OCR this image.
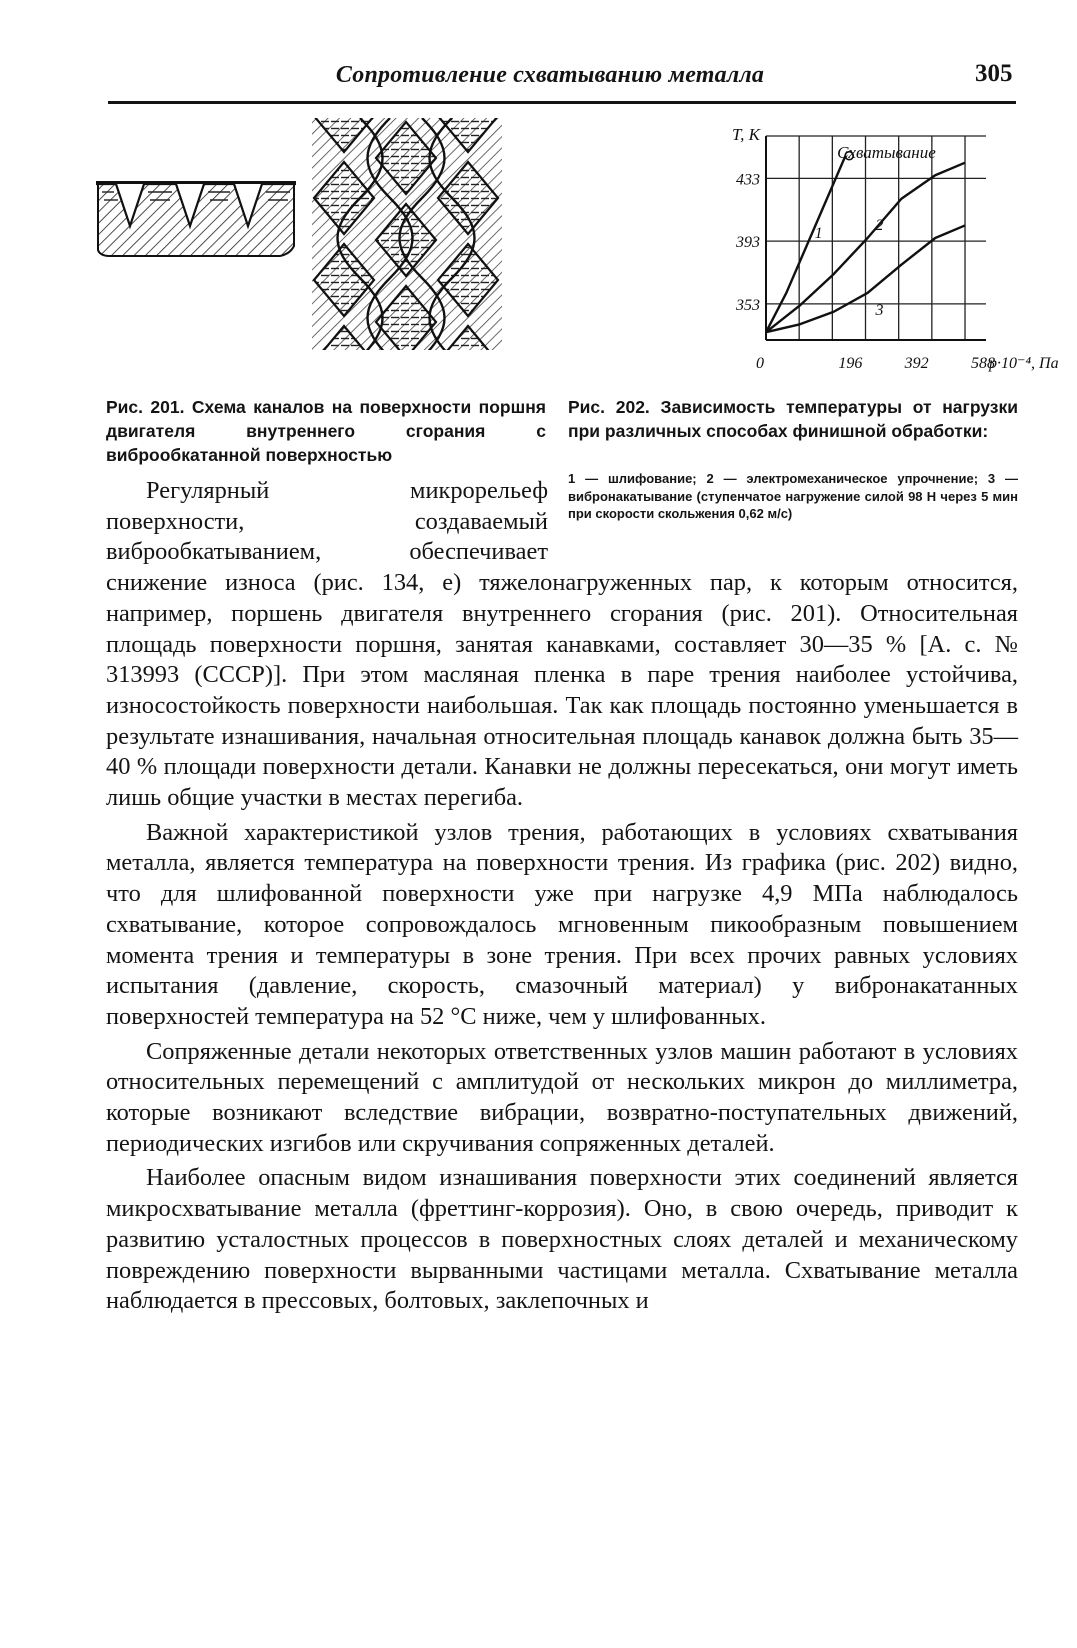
Сопротивление схватыванию металла	305
1	2
3
433
393
353
0	196	392	588
p·10⁻⁴, Па
T, K
Схватывание
Рис. 201. Схема каналов на поверхности поршня двигателя внутреннего сгорания с виброобкатанной поверхностью
Рис. 202. Зависимость температуры от нагрузки при различных способах финишной обработки:
1 — шлифование; 2 — электромеханическое упрочнение; 3 — вибронакатывание (ступенчатое нагружение силой 98 Н через 5 мин при скорости скольжения 0,62 м/с)

Регулярный микрорельеф поверхности, создаваемый виброобкатыванием, обеспечивает снижение износа (рис. 134, е) тяжелонагруженных пар, к которым относится, например, поршень двигателя внутреннего сгорания (рис. 201). Относительная площадь поверхности поршня, занятая канавками, составляет 30—35 % [А. с. № 313993 (СССР)]. При этом масляная пленка в паре трения наиболее устойчива, износостойкость поверхности наибольшая. Так как площадь постоянно уменьшается в результате изнашивания, начальная относительная площадь канавок должна быть 35—40 % площади поверхности детали. Канавки не должны пересекаться, они могут иметь лишь общие участки в местах перегиба.

Важной характеристикой узлов трения, работающих в условиях схватывания металла, является температура на поверхности трения. Из графика (рис. 202) видно, что для шлифованной поверхности уже при нагрузке 4,9 МПа наблюдалось схватывание, которое сопровождалось мгновенным пикообразным повышением момента трения и температуры в зоне трения. При всех прочих равных условиях испытания (давление, скорость, смазочный материал) у вибронакатанных поверхностей температура на 52 °С ниже, чем у шлифованных.

Сопряженные детали некоторых ответственных узлов машин работают в условиях относительных перемещений с амплитудой от нескольких микрон до миллиметра, которые возникают вследствие вибрации, возвратно-поступательных движений, периодических изгибов или скручивания сопряженных деталей.

Наиболее опасным видом изнашивания поверхности этих соединений является микросхватывание металла (фреттинг-коррозия). Оно, в свою очередь, приводит к развитию усталостных процессов в поверхностных слоях деталей и механическому повреждению поверхности вырванными частицами металла. Схватывание металла наблюдается в прессовых, болтовых, заклепочных и
